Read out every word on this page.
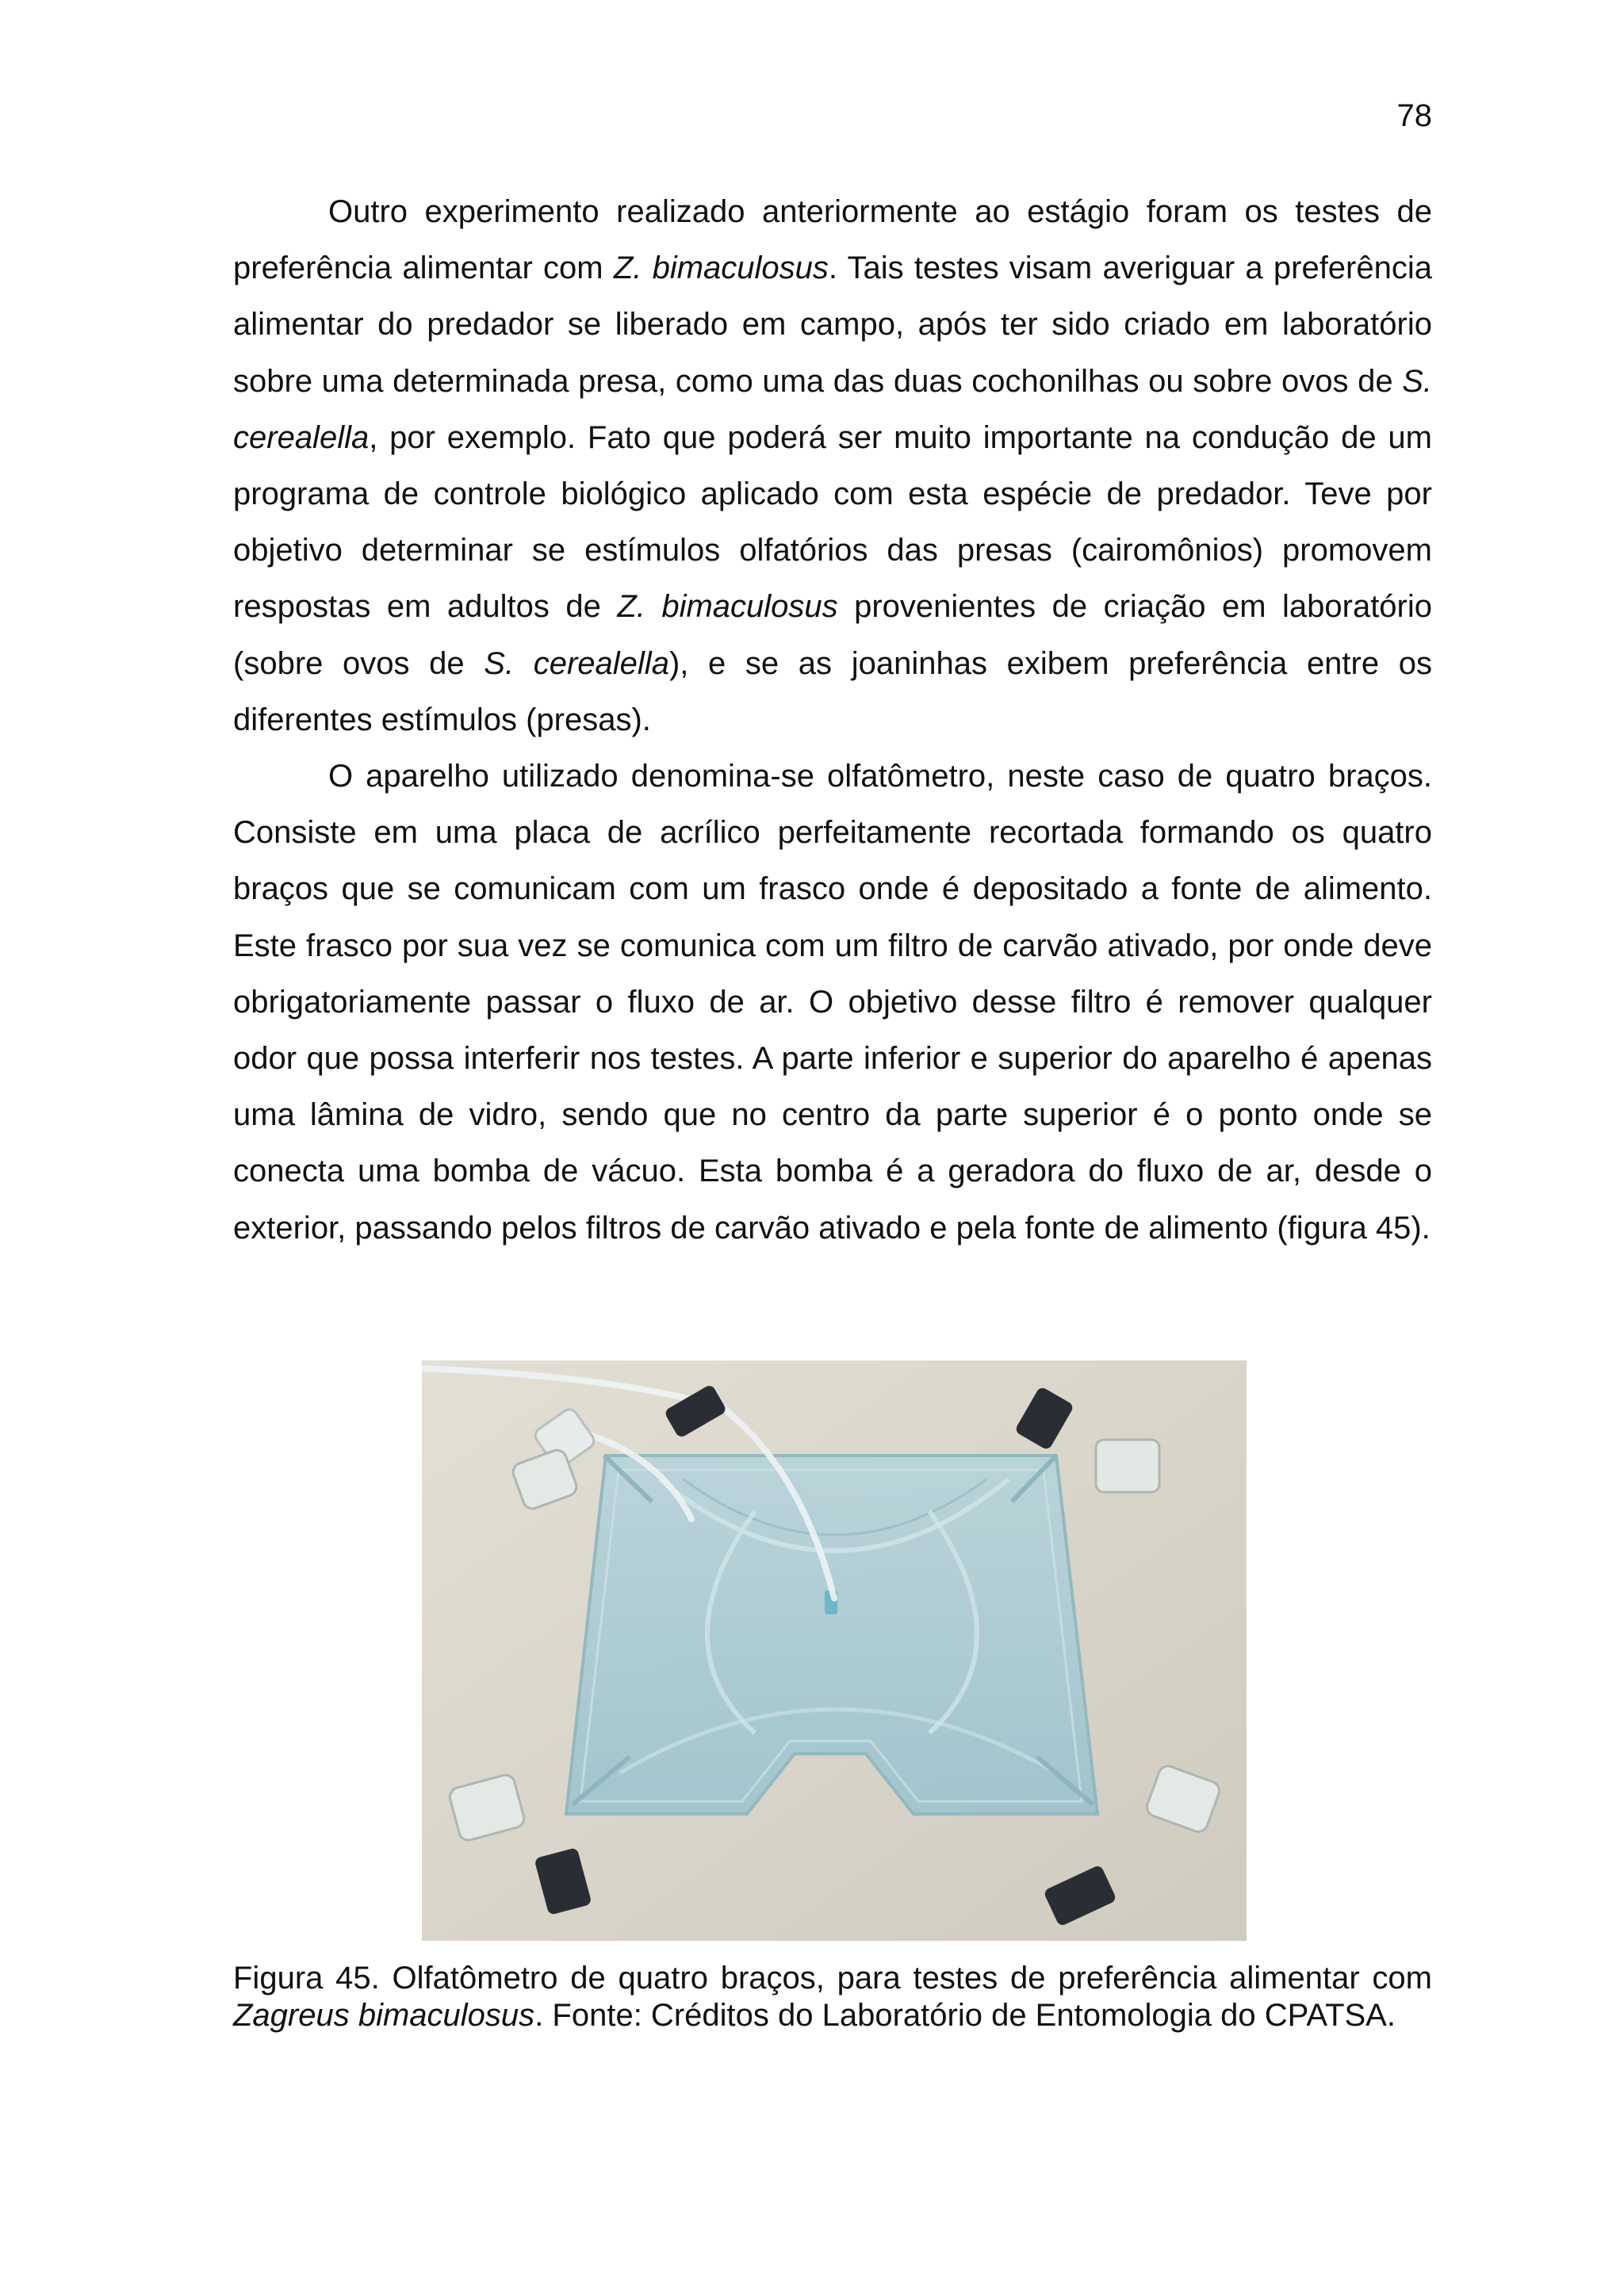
78

Outro experimento realizado anteriormente ao estágio foram os testes de preferência alimentar com Z. bimaculosus. Tais testes visam averiguar a preferência alimentar do predador se liberado em campo, após ter sido criado em laboratório sobre uma determinada presa, como uma das duas cochonilhas ou sobre ovos de S. cerealella, por exemplo. Fato que poderá ser muito importante na condução de um programa de controle biológico aplicado com esta espécie de predador. Teve por objetivo determinar se estímulos olfatórios das presas (cairomônios) promovem respostas em adultos de Z. bimaculosus provenientes de criação em laboratório (sobre ovos de S. cerealella), e se as joaninhas exibem preferência entre os diferentes estímulos (presas).

O aparelho utilizado denomina-se olfatômetro, neste caso de quatro braços. Consiste em uma placa de acrílico perfeitamente recortada formando os quatro braços que se comunicam com um frasco onde é depositado a fonte de alimento. Este frasco por sua vez se comunica com um filtro de carvão ativado, por onde deve obrigatoriamente passar o fluxo de ar. O objetivo desse filtro é remover qualquer odor que possa interferir nos testes. A parte inferior e superior do aparelho é apenas uma lâmina de vidro, sendo que no centro da parte superior é o ponto onde se conecta uma bomba de vácuo. Esta bomba é a geradora do fluxo de ar, desde o exterior, passando pelos filtros de carvão ativado e pela fonte de alimento (figura 45).

Figura 45. Olfatômetro de quatro braços, para testes de preferência alimentar com Zagreus bimaculosus. Fonte: Créditos do Laboratório de Entomologia do CPATSA.
